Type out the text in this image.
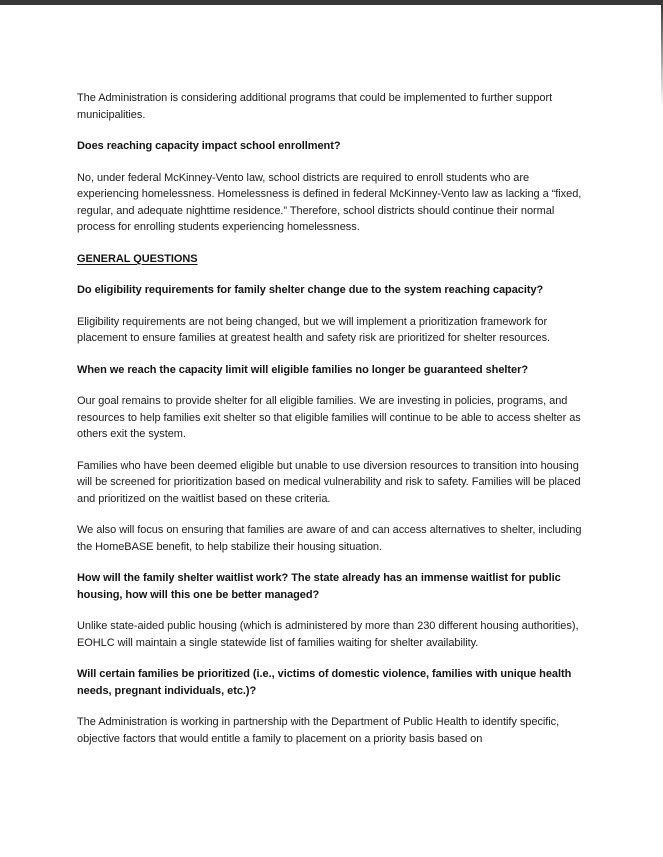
The Administration is considering additional programs that could be implemented to further support municipalities.

Does reaching capacity impact school enrollment?

No, under federal McKinney-Vento law, school districts are required to enroll students who are experiencing homelessness. Homelessness is defined in federal McKinney-Vento law as lacking a “fixed, regular, and adequate nighttime residence.” Therefore, school districts should continue their normal process for enrolling students experiencing homelessness.

GENERAL QUESTIONS

Do eligibility requirements for family shelter change due to the system reaching capacity?

Eligibility requirements are not being changed, but we will implement a prioritization framework for placement to ensure families at greatest health and safety risk are prioritized for shelter resources.

When we reach the capacity limit will eligible families no longer be guaranteed shelter?

Our goal remains to provide shelter for all eligible families. We are investing in policies, programs, and resources to help families exit shelter so that eligible families will continue to be able to access shelter as others exit the system.

Families who have been deemed eligible but unable to use diversion resources to transition into housing will be screened for prioritization based on medical vulnerability and risk to safety. Families will be placed and prioritized on the waitlist based on these criteria.

We also will focus on ensuring that families are aware of and can access alternatives to shelter, including the HomeBASE benefit, to help stabilize their housing situation.

How will the family shelter waitlist work? The state already has an immense waitlist for public housing, how will this one be better managed?

Unlike state-aided public housing (which is administered by more than 230 different housing authorities), EOHLC will maintain a single statewide list of families waiting for shelter availability.

Will certain families be prioritized (i.e., victims of domestic violence, families with unique health needs, pregnant individuals, etc.)?

The Administration is working in partnership with the Department of Public Health to identify specific, objective factors that would entitle a family to placement on a priority basis based on
